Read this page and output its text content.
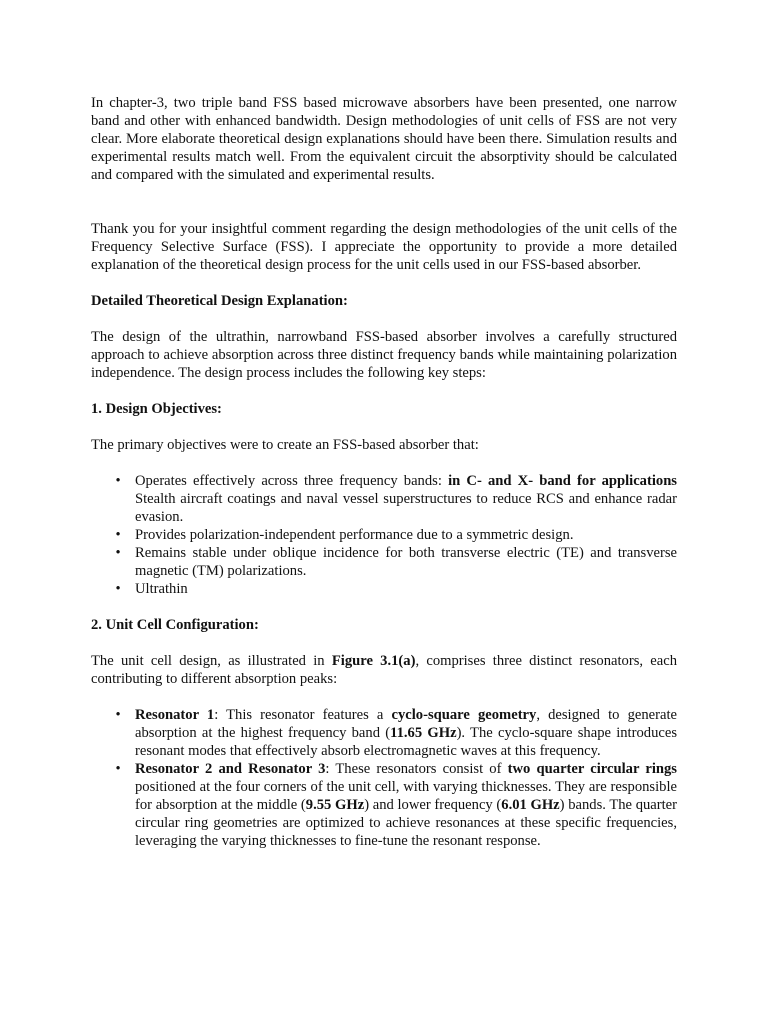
In chapter-3, two triple band FSS based microwave absorbers have been presented, one narrow band and other with enhanced bandwidth. Design methodologies of unit cells of FSS are not very clear. More elaborate theoretical design explanations should have been there. Simulation results and experimental results match well. From the equivalent circuit the absorptivity should be calculated and compared with the simulated and experimental results.

Thank you for your insightful comment regarding the design methodologies of the unit cells of the Frequency Selective Surface (FSS). I appreciate the opportunity to provide a more detailed explanation of the theoretical design process for the unit cells used in our FSS-based absorber.

Detailed Theoretical Design Explanation:

The design of the ultrathin, narrowband FSS-based absorber involves a carefully structured approach to achieve absorption across three distinct frequency bands while maintaining polarization independence. The design process includes the following key steps:

1. Design Objectives:

The primary objectives were to create an FSS-based absorber that:

• Operates effectively across three frequency bands: in C- and X- band for applications Stealth aircraft coatings and naval vessel superstructures to reduce RCS and enhance radar evasion.
• Provides polarization-independent performance due to a symmetric design.
• Remains stable under oblique incidence for both transverse electric (TE) and transverse magnetic (TM) polarizations.
• Ultrathin

2. Unit Cell Configuration:

The unit cell design, as illustrated in Figure 3.1(a), comprises three distinct resonators, each contributing to different absorption peaks:

• Resonator 1: This resonator features a cyclo-square geometry, designed to generate absorption at the highest frequency band (11.65 GHz). The cyclo-square shape introduces resonant modes that effectively absorb electromagnetic waves at this frequency.
• Resonator 2 and Resonator 3: These resonators consist of two quarter circular rings positioned at the four corners of the unit cell, with varying thicknesses. They are responsible for absorption at the middle (9.55 GHz) and lower frequency (6.01 GHz) bands. The quarter circular ring geometries are optimized to achieve resonances at these specific frequencies, leveraging the varying thicknesses to fine-tune the resonant response.
